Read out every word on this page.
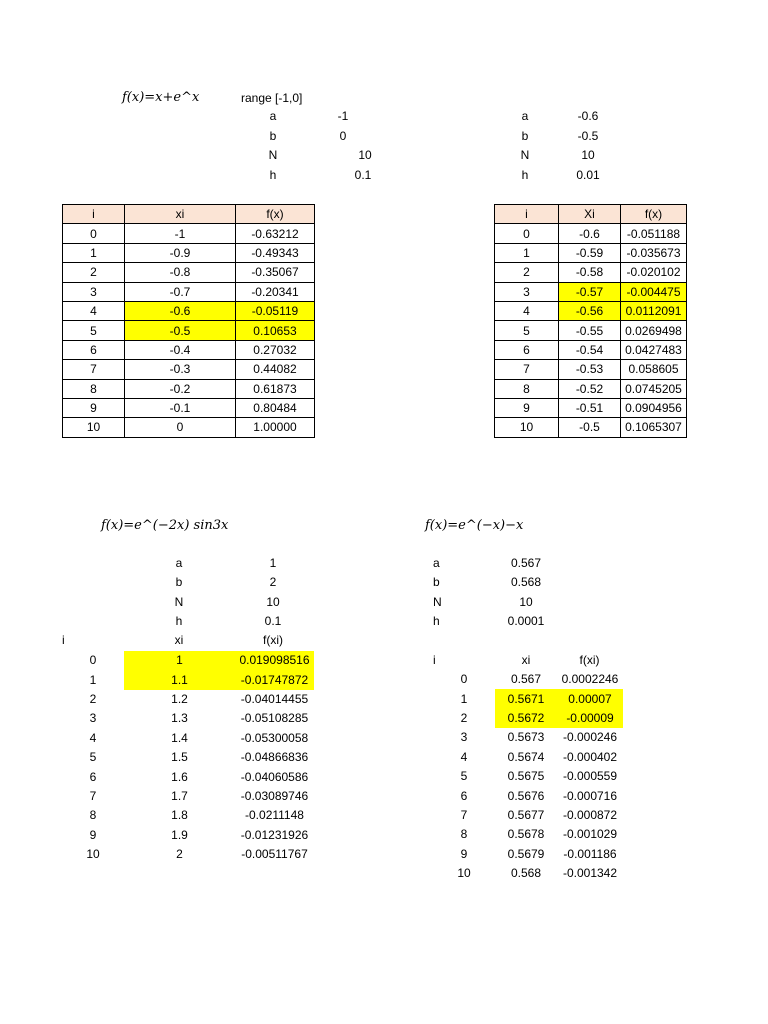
f(x)=x+e^x	range [-1,0]
a	-1
b	0
N	10
h	0.1
a	-0.6
b	-0.5
N	10
h	0.01
i	xi	f(x)
0	-1	-0.63212
1	-0.9	-0.49343
2	-0.8	-0.35067
3	-0.7	-0.20341
4	-0.6	-0.05119
5	-0.5	0.10653
6	-0.4	0.27032
7	-0.3	0.44082
8	-0.2	0.61873
9	-0.1	0.80484
10	0	1.00000
i	Xi	f(x)
0	-0.6	-0.051188
1	-0.59	-0.035673
2	-0.58	-0.020102
3	-0.57	-0.004475
4	-0.56	0.0112091
5	-0.55	0.0269498
6	-0.54	0.0427483
7	-0.53	0.058605
8	-0.52	0.0745205
9	-0.51	0.0904956
10	-0.5	0.1065307
f(x)=e^(−2x) sin3x
a	1
b	2
N	10
h	0.1
i	xi	f(xi)
0	1	0.019098516
1	1.1	-0.01747872
2	1.2	-0.04014455
3	1.3	-0.05108285
4	1.4	-0.05300058
5	1.5	-0.04866836
6	1.6	-0.04060586
7	1.7	-0.03089746
8	1.8	-0.0211148
9	1.9	-0.01231926
10	2	-0.00511767
f(x)=e^(−x)−x
a	0.567
b	0.568
N	10
h	0.0001
i	xi	f(xi)
0	0.567	0.0002246
1	0.5671	0.00007
2	0.5672	-0.00009
3	0.5673	-0.000246
4	0.5674	-0.000402
5	0.5675	-0.000559
6	0.5676	-0.000716
7	0.5677	-0.000872
8	0.5678	-0.001029
9	0.5679	-0.001186
10	0.568	-0.001342
